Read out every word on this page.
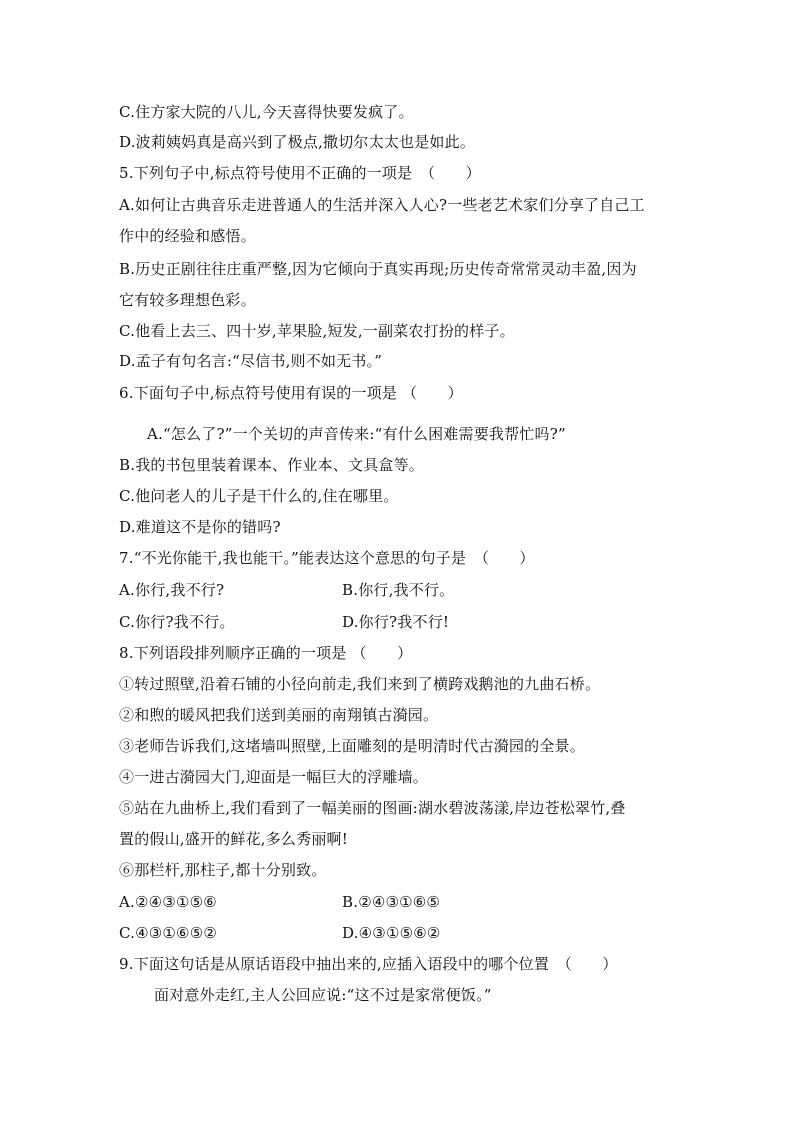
C.住方家大院的八儿,今天喜得快要发疯了。
D.波莉姨妈真是高兴到了极点,撒切尔太太也是如此。
5.下列句子中,标点符号使用不正确的一项是　（　　）
A.如何让古典音乐走进普通人的生活并深入人心?一些老艺术家们分享了自己工
作中的经验和感悟。
B.历史正剧往往庄重严整,因为它倾向于真实再现;历史传奇常常灵动丰盈,因为
它有较多理想色彩。
C.他看上去三、四十岁,苹果脸,短发,一副菜农打扮的样子。
D.孟子有句名言:“尽信书,则不如无书。”
6.下面句子中,标点符号使用有误的一项是 （　　）
A.“怎么了?”一个关切的声音传来:“有什么困难需要我帮忙吗?”
B.我的书包里装着课本、作业本、文具盒等。
C.他问老人的儿子是干什么的,住在哪里。
D.难道这不是你的错吗?
7.“不光你能干,我也能干。”能表达这个意思的句子是　（　　）
A.你行,我不行?	B.你行,我不行。
C.你行?我不行。	D.你行?我不行!
8.下列语段排列顺序正确的一项是 （　　）
①转过照壁,沿着石铺的小径向前走,我们来到了横跨戏鹅池的九曲石桥。
②和煦的暖风把我们送到美丽的南翔镇古漪园。
③老师告诉我们,这堵墙叫照壁,上面雕刻的是明清时代古漪园的全景。
④一进古漪园大门,迎面是一幅巨大的浮雕墙。
⑤站在九曲桥上,我们看到了一幅美丽的图画:湖水碧波荡漾,岸边苍松翠竹,叠
置的假山,盛开的鲜花,多么秀丽啊!
⑥那栏杆,那柱子,都十分别致。
A.②④③①⑤⑥	B.②④③①⑥⑤
C.④③①⑥⑤②	D.④③①⑤⑥②
9.下面这句话是从原话语段中抽出来的,应插入语段中的哪个位置　（　　）
面对意外走红,主人公回应说:“这不过是家常便饭。”
